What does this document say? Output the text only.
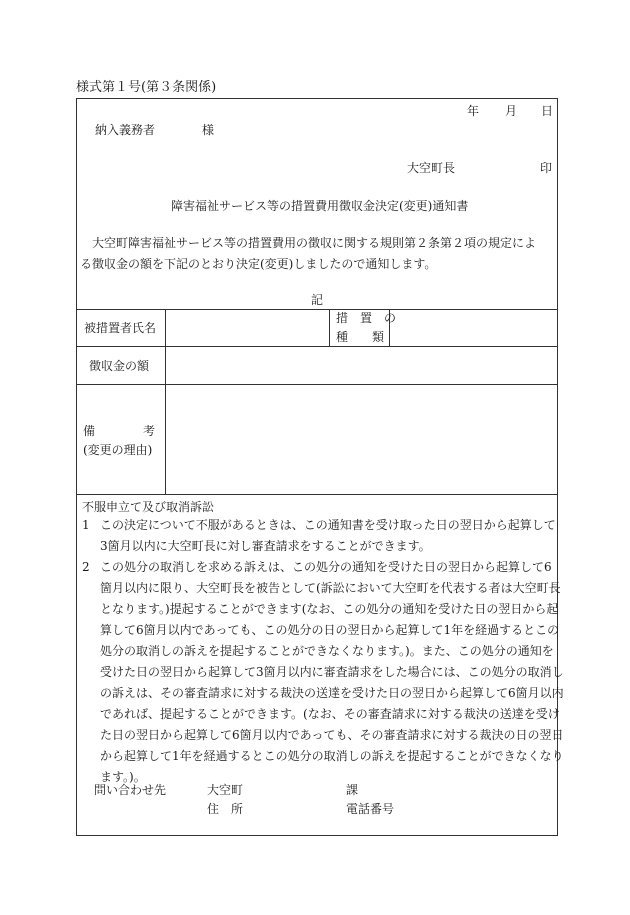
様式第１号(第３条関係)
年 月 日
納入義務者	様
大空町長	印
障害福祉サービス等の措置費用徴収金決定(変更)通知書
大空町障害福祉サービス等の措置費用の徴収に関する規則第２条第２項の規定によ
る徴収金の額を下記のとおり決定(変更)しましたので通知します。
記
被措置者氏名
措　置　の
種　　類
徴収金の額
備　　　　考
(変更の理由)
不服申立て及び取消訴訟
1 この決定について不服があるときは、この通知書を受け取った日の翌日から起算して
3箇月以内に大空町長に対し審査請求をすることができます。
2 この処分の取消しを求める訴えは、この処分の通知を受けた日の翌日から起算して6
箇月以内に限り、大空町長を被告として(訴訟において大空町を代表する者は大空町長
となります。)提起することができます(なお、この処分の通知を受けた日の翌日から起
算して6箇月以内であっても、この処分の日の翌日から起算して1年を経過するとこの
処分の取消しの訴えを提起することができなくなります。)。また、この処分の通知を
受けた日の翌日から起算して3箇月以内に審査請求をした場合には、この処分の取消し
の訴えは、その審査請求に対する裁決の送達を受けた日の翌日から起算して6箇月以内
であれば、提起することができます。(なお、その審査請求に対する裁決の送達を受け
た日の翌日から起算して6箇月以内であっても、その審査請求に対する裁決の日の翌日
から起算して1年を経過するとこの処分の取消しの訴えを提起することができなくなり
ます。)。
問い合わせ先	大空町	課
住　所	電話番号
